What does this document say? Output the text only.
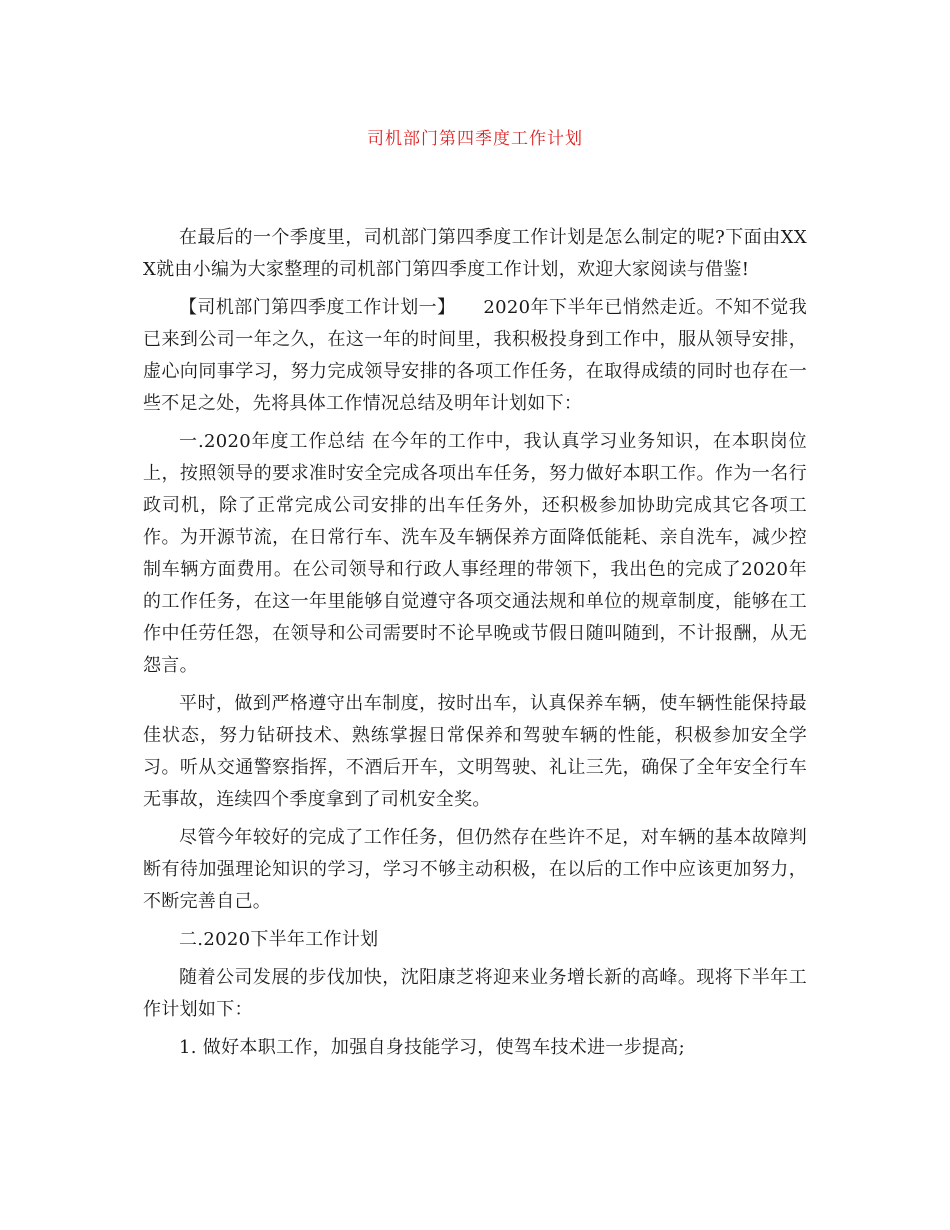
司机部门第四季度工作计划

在最后的一个季度里，司机部门第四季度工作计划是怎么制定的呢?下面由XXX就由小编为大家整理的司机部门第四季度工作计划，欢迎大家阅读与借鉴!

【司机部门第四季度工作计划一】　　2020年下半年已悄然走近。不知不觉我已来到公司一年之久，在这一年的时间里，我积极投身到工作中，服从领导安排，虚心向同事学习，努力完成领导安排的各项工作任务，在取得成绩的同时也存在一些不足之处，先将具体工作情况总结及明年计划如下：

一.2020年度工作总结 在今年的工作中，我认真学习业务知识，在本职岗位上，按照领导的要求准时安全完成各项出车任务，努力做好本职工作。作为一名行政司机，除了正常完成公司安排的出车任务外，还积极参加协助完成其它各项工作。为开源节流，在日常行车、洗车及车辆保养方面降低能耗、亲自洗车，减少控制车辆方面费用。在公司领导和行政人事经理的带领下，我出色的完成了2020年的工作任务，在这一年里能够自觉遵守各项交通法规和单位的规章制度，能够在工作中任劳任怨，在领导和公司需要时不论早晚或节假日随叫随到，不计报酬，从无怨言。

平时，做到严格遵守出车制度，按时出车，认真保养车辆，使车辆性能保持最佳状态，努力钻研技术、熟练掌握日常保养和驾驶车辆的性能，积极参加安全学习。听从交通警察指挥，不酒后开车，文明驾驶、礼让三先，确保了全年安全行车无事故，连续四个季度拿到了司机安全奖。

尽管今年较好的完成了工作任务，但仍然存在些许不足，对车辆的基本故障判断有待加强理论知识的学习，学习不够主动积极，在以后的工作中应该更加努力，不断完善自己。

二.2020下半年工作计划

随着公司发展的步伐加快，沈阳康芝将迎来业务增长新的高峰。现将下半年工作计划如下：

1. 做好本职工作，加强自身技能学习，使驾车技术进一步提高;
